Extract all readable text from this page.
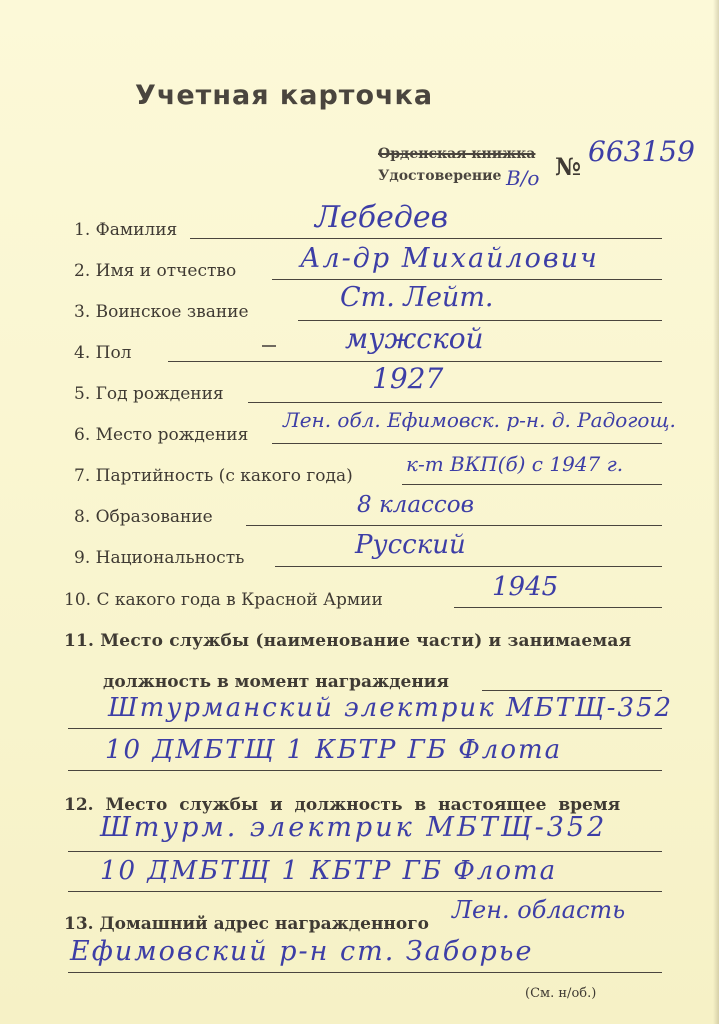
Учетная карточка
Орденская книжка
Удостоверение В/о № 663159
1. Фамилия	Лебедев
2. Имя и отчество Ал-др Михайлович
3. Воинское звание	Ст. Лейт.
4. Пол	мужской
5. Год рождения	1927
6. Место рождения
Лен. обл. Ефимовск. р-н. д. Радогощ.
7. Партийность (с какого года)	к-т ВКП(б) с 1947 г.
8. Образование	8 классов
9. Национальность	Русский
10. С какого года в Красной Армии	1945
11. Место службы (наименование части) и занимаемая
должность в момент награждения
Штурманский электрик МБТЩ-352
10 ДМБТЩ 1 КБТР ГБ Флота
12. Место службы и должность в настоящее время
Штурм. электрик МБТЩ-352
10 ДМБТЩ 1 КБТР ГБ Флота
13. Домашний адрес награжденного Лен. область
Ефимовский р-н ст. Заборье
(См. н/об.)
